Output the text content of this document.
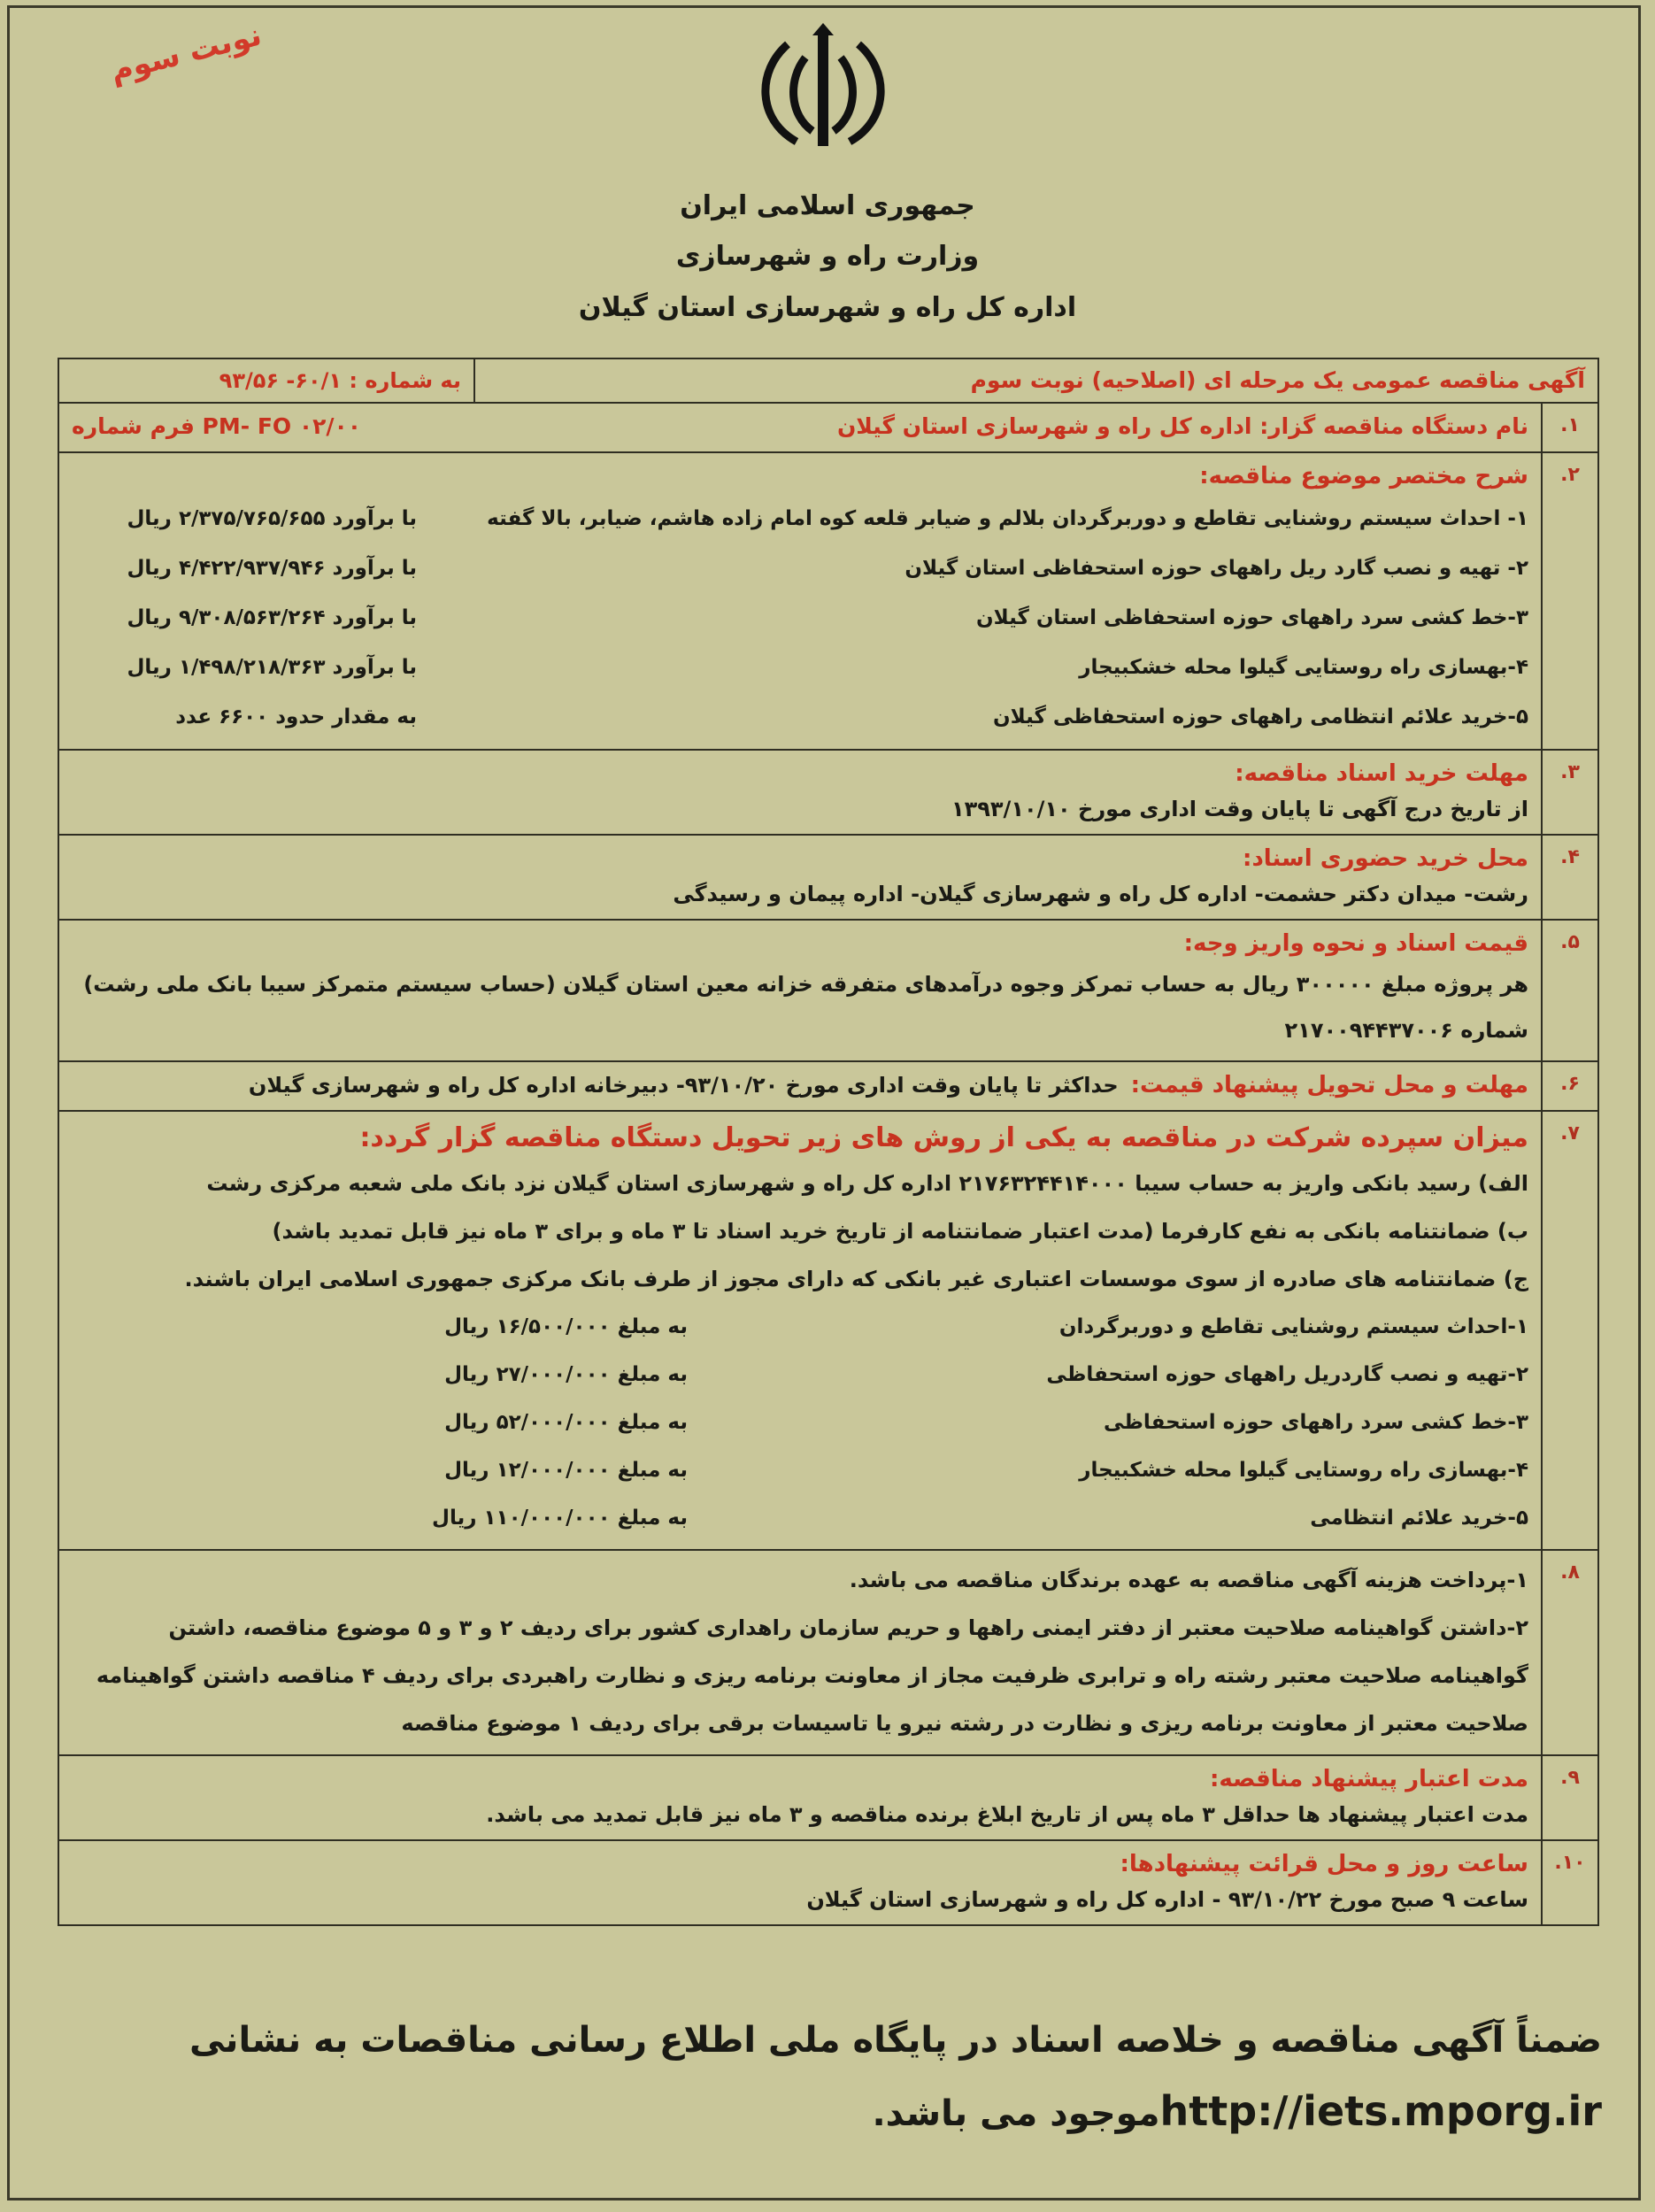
نوبت سوم
جمهوری اسلامی ایران
وزارت راه و شهرسازی
اداره کل راه و شهرسازی استان گیلان
آگهی مناقصه عمومی یک مرحله ای (اصلاحیه) نوبت سوم
به شماره : ۶۰/۱- ۹۳/۵۶
۱.
نام دستگاه مناقصه گزار: اداره کل راه و شهرسازی استان گیلان
فرم شماره PM- FO ۰۲/۰۰
۲.
شرح مختصر موضوع مناقصه:
۱- احداث سیستم روشنایی تقاطع و دوربرگردان بلالم و ضیابر قلعه کوه امام زاده هاشم، ضیابر، بالا گفته
با برآورد ۲/۳۷۵/۷۶۵/۶۵۵ ریال
۲- تهیه و نصب گارد ریل راههای حوزه استحفاظی استان گیلان
با برآورد ۴/۴۲۲/۹۳۷/۹۴۶ ریال
۳-خط کشی سرد راههای حوزه استحفاظی استان گیلان
با برآورد ۹/۳۰۸/۵۶۳/۲۶۴ ریال
۴-بهسازی راه روستایی گیلوا محله خشکبیجار
با برآورد ۱/۴۹۸/۲۱۸/۳۶۳ ریال
۵-خرید علائم انتظامی راههای حوزه استحفاظی گیلان
به مقدار حدود ۶۶۰۰ عدد
۳.
مهلت خرید اسناد مناقصه:
از تاریخ درج آگهی تا پایان وقت اداری مورخ ۱۳۹۳/۱۰/۱۰
۴.
محل خرید حضوری اسناد:
رشت- میدان دکتر حشمت- اداره کل راه و شهرسازی گیلان- اداره پیمان و رسیدگی
۵.
قیمت اسناد و نحوه واریز وجه:
هر پروژه مبلغ ۳۰۰۰۰۰ ریال به حساب تمرکز وجوه درآمدهای متفرقه خزانه معین استان گیلان (حساب سیستم متمرکز سیبا بانک ملی رشت) شماره ۲۱۷۰۰۹۴۴۳۷۰۰۶
۶.
مهلت و محل تحویل پیشنهاد قیمت:
حداکثر تا پایان وقت اداری مورخ ۹۳/۱۰/۲۰- دبیرخانه اداره کل راه و شهرسازی گیلان
۷.
میزان سپرده شرکت در مناقصه به یکی از روش های زیر تحویل دستگاه مناقصه گزار گردد:
الف) رسید بانکی واریز به حساب سیبا ۲۱۷۶۳۲۴۴۱۴۰۰۰ اداره کل راه و شهرسازی استان گیلان نزد بانک ملی شعبه مرکزی رشت
ب) ضمانتنامه بانکی به نفع کارفرما (مدت اعتبار ضمانتنامه از تاریخ خرید اسناد تا ۳ ماه و برای ۳ ماه نیز قابل تمدید باشد)
ج) ضمانتنامه های صادره از سوی موسسات اعتباری غیر بانکی که دارای مجوز از طرف بانک مرکزی جمهوری اسلامی ایران باشند.
۱-احداث سیستم روشنایی تقاطع و دوربرگردان
به مبلغ ۱۶/۵۰۰/۰۰۰ ریال
۲-تهیه و نصب گاردریل راههای حوزه استحفاظی
به مبلغ ۲۷/۰۰۰/۰۰۰ ریال
۳-خط کشی سرد راههای حوزه استحفاظی
به مبلغ ۵۲/۰۰۰/۰۰۰ ریال
۴-بهسازی راه روستایی گیلوا محله خشکبیجار
به مبلغ ۱۲/۰۰۰/۰۰۰ ریال
۵-خرید علائم انتظامی
به مبلغ ۱۱۰/۰۰۰/۰۰۰ ریال
۸.
۱-پرداخت هزینه آگهی مناقصه به عهده برندگان مناقصه می باشد.
۲-داشتن گواهینامه صلاحیت معتبر از دفتر ایمنی راهها و حریم سازمان راهداری کشور برای ردیف ۲ و ۳ و ۵ موضوع مناقصه، داشتن گواهینامه صلاحیت معتبر رشته راه و ترابری ظرفیت مجاز از معاونت برنامه ریزی و نظارت راهبردی برای ردیف ۴ مناقصه داشتن گواهینامه صلاحیت معتبر از معاونت برنامه ریزی و نظارت در رشته نیرو یا تاسیسات برقی برای ردیف ۱ موضوع مناقصه
۹.
مدت اعتبار پیشنهاد مناقصه:
مدت اعتبار پیشنهاد ها حداقل ۳ ماه پس از تاریخ ابلاغ برنده مناقصه و ۳ ماه نیز قابل تمدید می باشد.
۱۰.
ساعت روز و محل قرائت پیشنهادها:
ساعت ۹ صبح مورخ ۹۳/۱۰/۲۲ - اداره کل راه و شهرسازی استان گیلان
ضمناً آگهی مناقصه و خلاصه اسناد در پایگاه ملی اطلاع رسانی مناقصات به نشانی
http://iets.mporg.irموجود می باشد.
